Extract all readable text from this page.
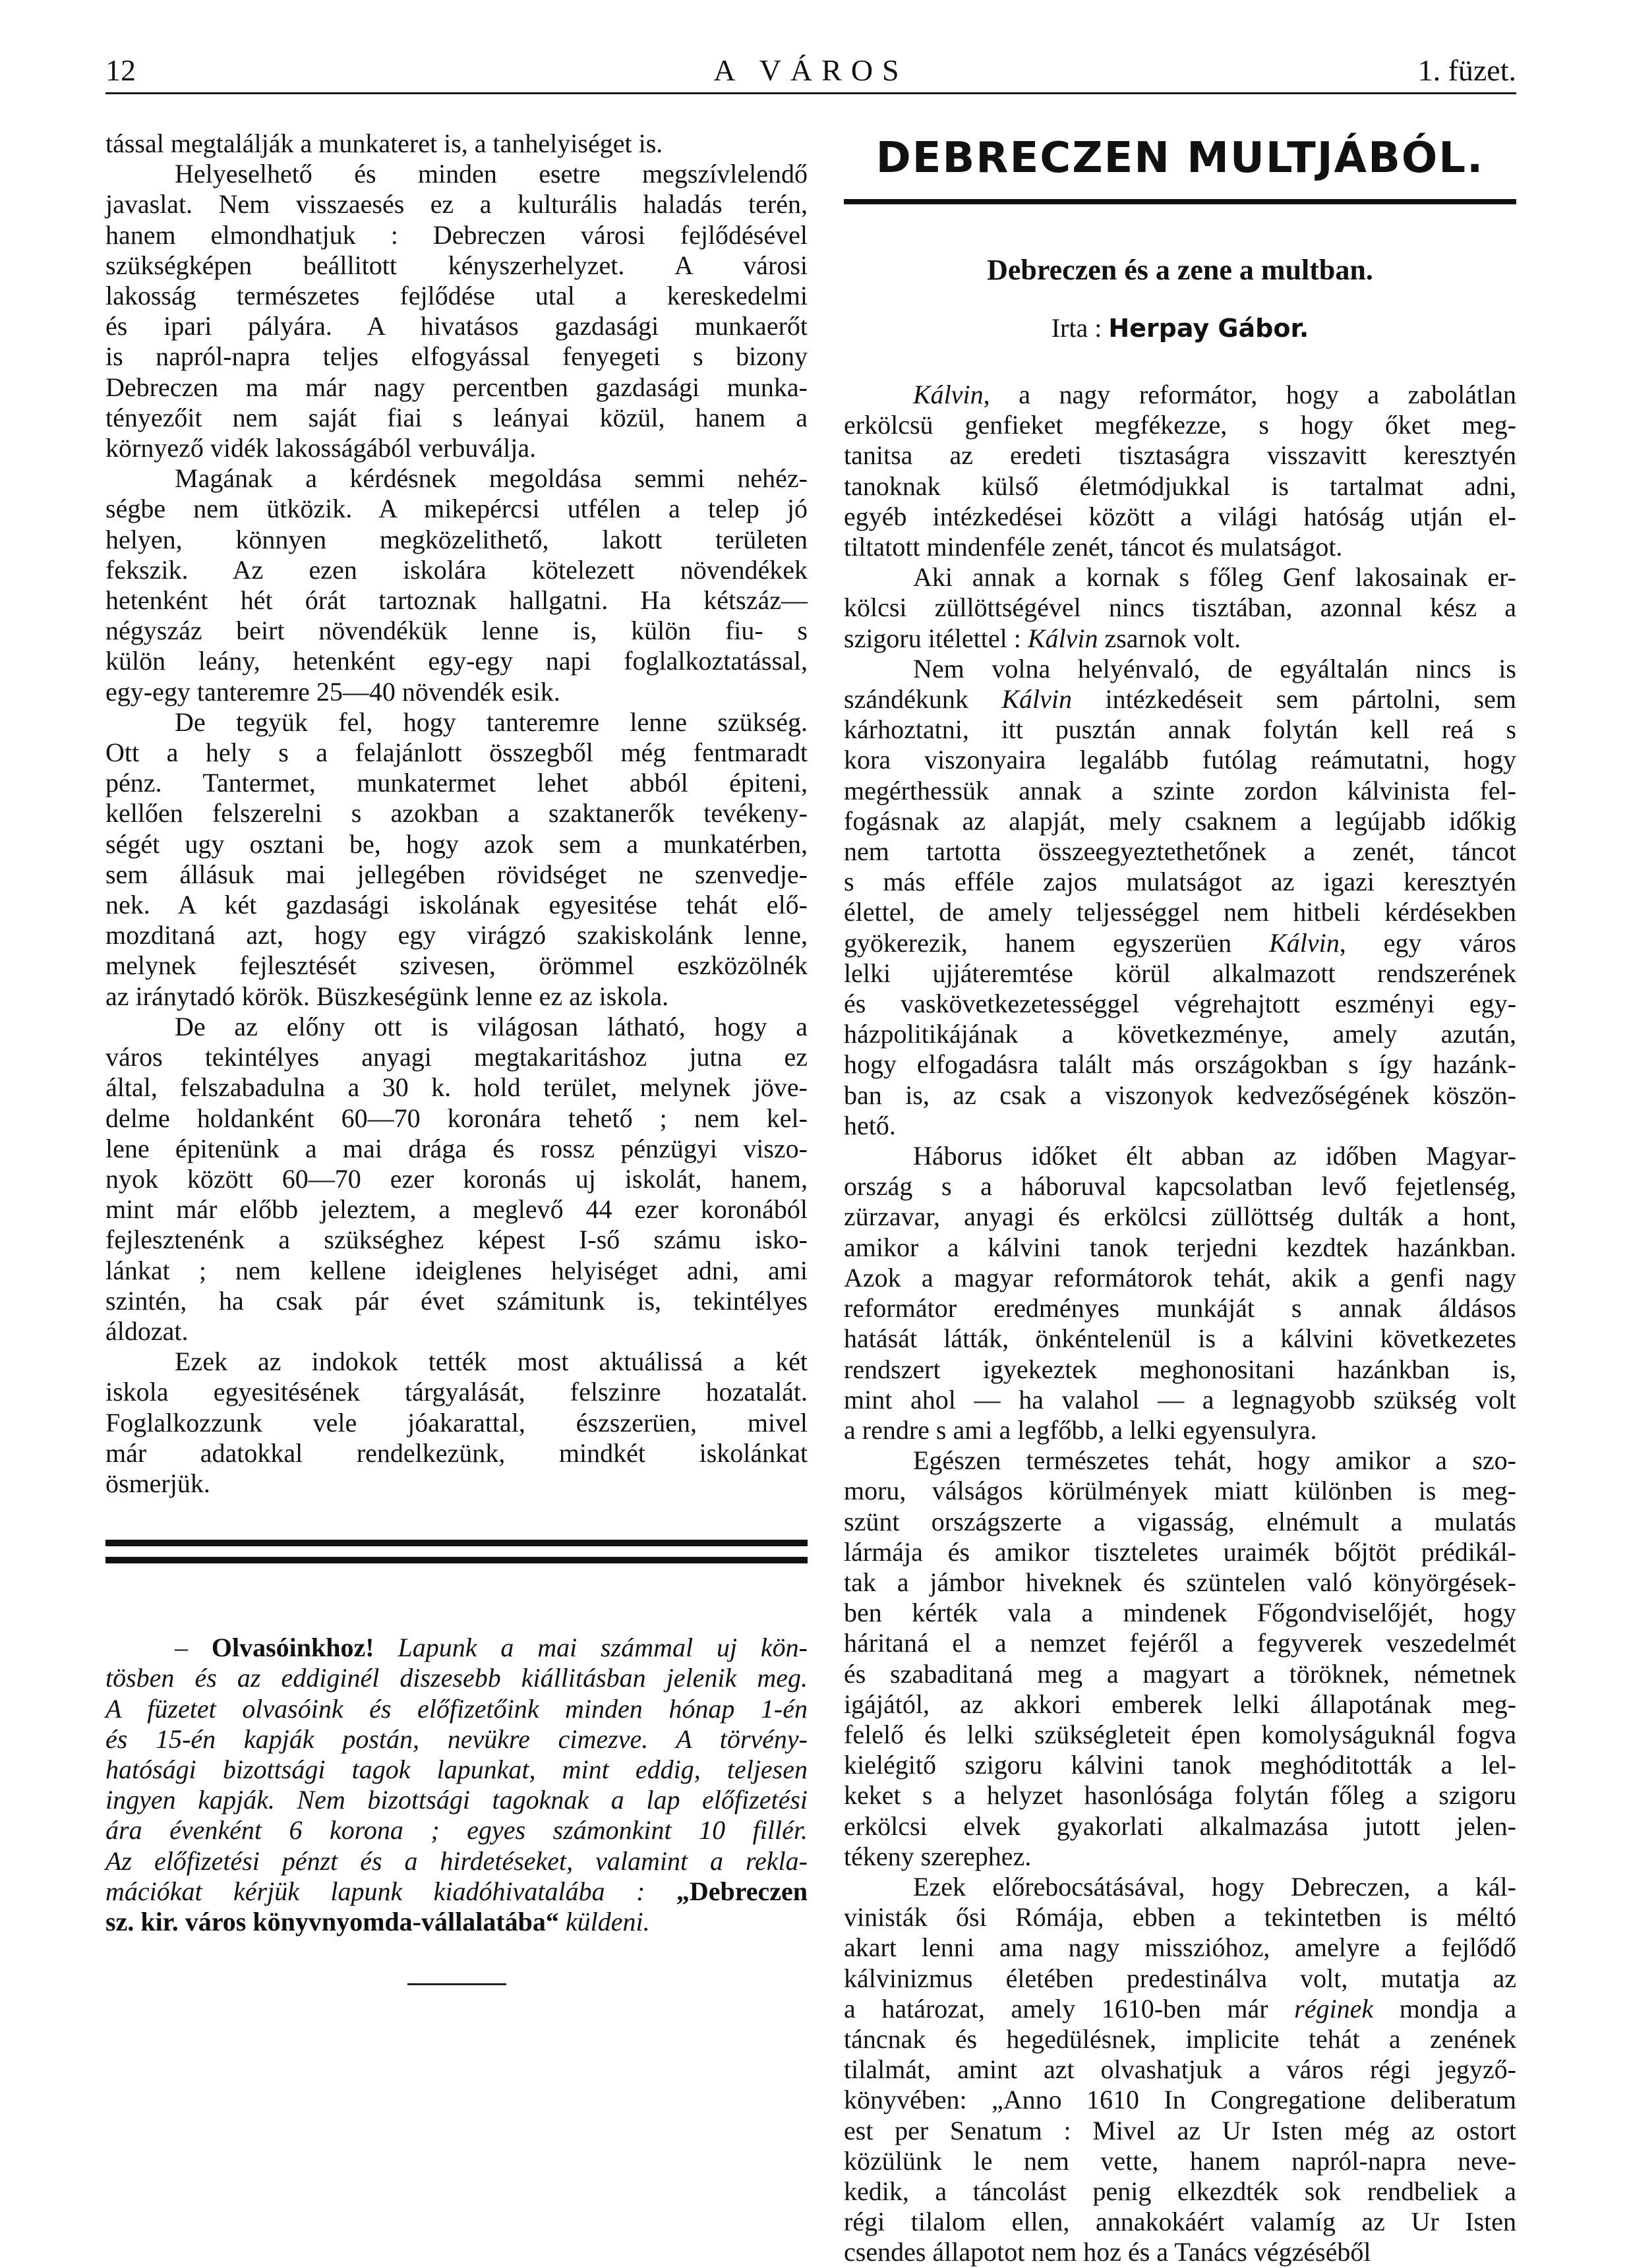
12	A VÁROS	1. füzet.

tással megtalálják a munkateret is, a tanhelyiséget is.

Helyeselhető és minden esetre megszívlelendő
javaslat. Nem visszaesés ez a kulturális haladás terén,
hanem elmondhatjuk : Debreczen városi fejlődésével
szükségképen beállitott kényszerhelyzet. A városi
lakosság természetes fejlődése utal a kereskedelmi
és ipari pályára. A hivatásos gazdasági munkaerőt
is napról-napra teljes elfogyással fenyegeti s bizony
Debreczen ma már nagy percentben gazdasági munka-
tényezőit nem saját fiai s leányai közül, hanem a
környező vidék lakosságából verbuválja.

Magának a kérdésnek megoldása semmi nehéz-
ségbe nem ütközik. A mikepércsi utfélen a telep jó
helyen, könnyen megközelithető, lakott területen
fekszik. Az ezen iskolára kötelezett növendékek
hetenként hét órát tartoznak hallgatni. Ha kétszáz—
négyszáz beirt növendékük lenne is, külön fiu- s
külön leány, hetenként egy-egy napi foglalkoztatással,
egy-egy tanteremre 25—40 növendék esik.

De tegyük fel, hogy tanteremre lenne szükség.
Ott a hely s a felajánlott összegből még fentmaradt
pénz. Tantermet, munkatermet lehet abból épiteni,
kellően felszerelni s azokban a szaktanerők tevékeny-
ségét ugy osztani be, hogy azok sem a munkatérben,
sem állásuk mai jellegében rövidséget ne szenvedje-
nek. A két gazdasági iskolának egyesitése tehát elő-
mozditaná azt, hogy egy virágzó szakiskolánk lenne,
melynek fejlesztését szivesen, örömmel eszközölnék
az iránytadó körök. Büszkeségünk lenne ez az iskola.

De az előny ott is világosan látható, hogy a
város tekintélyes anyagi megtakaritáshoz jutna ez
által, felszabadulna a 30 k. hold terület, melynek jöve-
delme holdanként 60—70 koronára tehető ; nem kel-
lene épitenünk a mai drága és rossz pénzügyi viszo-
nyok között 60—70 ezer koronás uj iskolát, hanem,
mint már előbb jeleztem, a meglevő 44 ezer koronából
fejlesztenénk a szükséghez képest I-ső számu isko-
lánkat ; nem kellene ideiglenes helyiséget adni, ami
szintén, ha csak pár évet számitunk is, tekintélyes
áldozat.

Ezek az indokok tették most aktuálissá a két
iskola egyesitésének tárgyalását, felszinre hozatalát.
Foglalkozzunk vele jóakarattal, észszerüen, mivel
már adatokkal rendelkezünk, mindkét iskolánkat
ösmerjük.

– Olvasóinkhoz! Lapunk a mai számmal uj kön-
tösben és az eddiginél diszesebb kiállitásban jelenik meg.
A füzetet olvasóink és előfizetőink minden hónap 1-én
és 15-én kapják postán, nevükre cimezve. A törvény-
hatósági bizottsági tagok lapunkat, mint eddig, teljesen
ingyen kapják. Nem bizottsági tagoknak a lap előfizetési
ára évenként 6 korona ; egyes számonkint 10 fillér.
Az előfizetési pénzt és a hirdetéseket, valamint a rekla-
mációkat kérjük lapunk kiadóhivatalába : „Debreczen
sz. kir. város könyvnyomda-vállalatába“ küldeni.
DEBRECZEN MULTJÁBÓL.
Debreczen és a zene a multban.
Irta : Herpay Gábor.

Kálvin, a nagy reformátor, hogy a zabolátlan
erkölcsü genfieket megfékezze, s hogy őket meg-
tanitsa az eredeti tisztaságra visszavitt keresztyén
tanoknak külső életmódjukkal is tartalmat adni,
egyéb intézkedései között a világi hatóság utján el-
tiltatott mindenféle zenét, táncot és mulatságot.

Aki annak a kornak s főleg Genf lakosainak er-
kölcsi züllöttségével nincs tisztában, azonnal kész a
szigoru itélettel : Kálvin zsarnok volt.

Nem volna helyénvaló, de egyáltalán nincs is
szándékunk Kálvin intézkedéseit sem pártolni, sem
kárhoztatni, itt pusztán annak folytán kell reá s
kora viszonyaira legalább futólag reámutatni, hogy
megérthessük annak a szinte zordon kálvinista fel-
fogásnak az alapját, mely csaknem a legújabb időkig
nem tartotta összeegyeztethetőnek a zenét, táncot
s más efféle zajos mulatságot az igazi keresztyén
élettel, de amely teljességgel nem hitbeli kérdésekben
gyökerezik, hanem egyszerüen Kálvin, egy város
lelki ujjáteremtése körül alkalmazott rendszerének
és vaskövetkezetességgel végrehajtott eszményi egy-
házpolitikájának a következménye, amely azután,
hogy elfogadásra talált más országokban s így hazánk-
ban is, az csak a viszonyok kedvezőségének köszön-
hető.

Háborus időket élt abban az időben Magyar-
ország s a háboruval kapcsolatban levő fejetlenség,
zürzavar, anyagi és erkölcsi züllöttség dulták a hont,
amikor a kálvini tanok terjedni kezdtek hazánkban.
Azok a magyar reformátorok tehát, akik a genfi nagy
reformátor eredményes munkáját s annak áldásos
hatását látták, önkéntelenül is a kálvini következetes
rendszert igyekeztek meghonositani hazánkban is,
mint ahol — ha valahol — a legnagyobb szükség volt
a rendre s ami a legfőbb, a lelki egyensulyra.

Egészen természetes tehát, hogy amikor a szo-
moru, válságos körülmények miatt különben is meg-
szünt országszerte a vigasság, elnémult a mulatás
lármája és amikor tiszteletes uraimék bőjtöt prédikál-
tak a jámbor hiveknek és szüntelen való könyörgések-
ben kérték vala a mindenek Főgondviselőjét, hogy
háritaná el a nemzet fejéről a fegyverek veszedelmét
és szabaditaná meg a magyart a töröknek, németnek
igájától, az akkori emberek lelki állapotának meg-
felelő és lelki szükségleteit épen komolyságuknál fogva
kielégitő szigoru kálvini tanok meghóditották a lel-
keket s a helyzet hasonlósága folytán főleg a szigoru
erkölcsi elvek gyakorlati alkalmazása jutott jelen-
tékeny szerephez.

Ezek előrebocsátásával, hogy Debreczen, a kál-
vinisták ősi Rómája, ebben a tekintetben is méltó
akart lenni ama nagy misszióhoz, amelyre a fejlődő
kálvinizmus életében predestinálva volt, mutatja az
a határozat, amely 1610-ben már réginek mondja a
táncnak és hegedülésnek, implicite tehát a zenének
tilalmát, amint azt olvashatjuk a város régi jegyző-
könyvében: „Anno 1610 In Congregatione deliberatum
est per Senatum : Mivel az Ur Isten még az ostort
közülünk le nem vette, hanem napról-napra neve-
kedik, a táncolást penig elkezdték sok rendbeliek a
régi tilalom ellen, annakokáért valamíg az Ur Isten
csendes állapotot nem hoz és a Tanács végzéséből
